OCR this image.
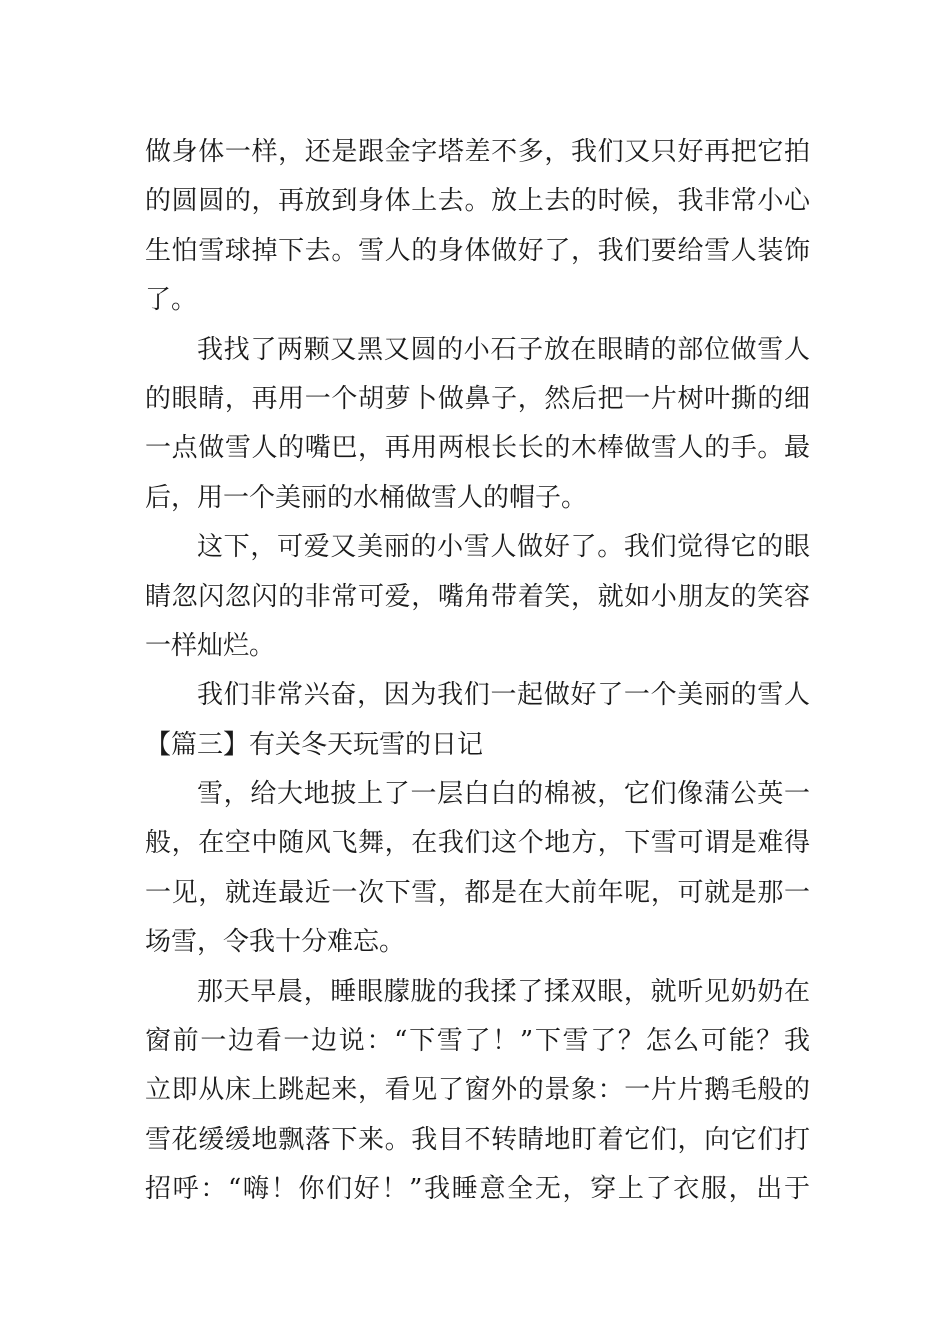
做身体一样，还是跟金字塔差不多，我们又只好再把它拍
的圆圆的，再放到身体上去。放上去的时候，我非常小心
生怕雪球掉下去。雪人的身体做好了，我们要给雪人装饰
了。
我找了两颗又黑又圆的小石子放在眼睛的部位做雪人
的眼睛，再用一个胡萝卜做鼻子，然后把一片树叶撕的细
一点做雪人的嘴巴，再用两根长长的木棒做雪人的手。最
后，用一个美丽的水桶做雪人的帽子。
这下，可爱又美丽的小雪人做好了。我们觉得它的眼
睛忽闪忽闪的非常可爱，嘴角带着笑，就如小朋友的笑容
一样灿烂。
我们非常兴奋，因为我们一起做好了一个美丽的雪人
【篇三】有关冬天玩雪的日记
雪，给大地披上了一层白白的棉被，它们像蒲公英一
般，在空中随风飞舞，在我们这个地方，下雪可谓是难得
一见，就连最近一次下雪，都是在大前年呢，可就是那一
场雪，令我十分难忘。
那天早晨，睡眼朦胧的我揉了揉双眼，就听见奶奶在
窗前一边看一边说：“下雪了！”下雪了？怎么可能？我
立即从床上跳起来，看见了窗外的景象：一片片鹅毛般的
雪花缓缓地飘落下来。我目不转睛地盯着它们，向它们打
招呼：“嗨！你们好！”我睡意全无，穿上了衣服，出于
